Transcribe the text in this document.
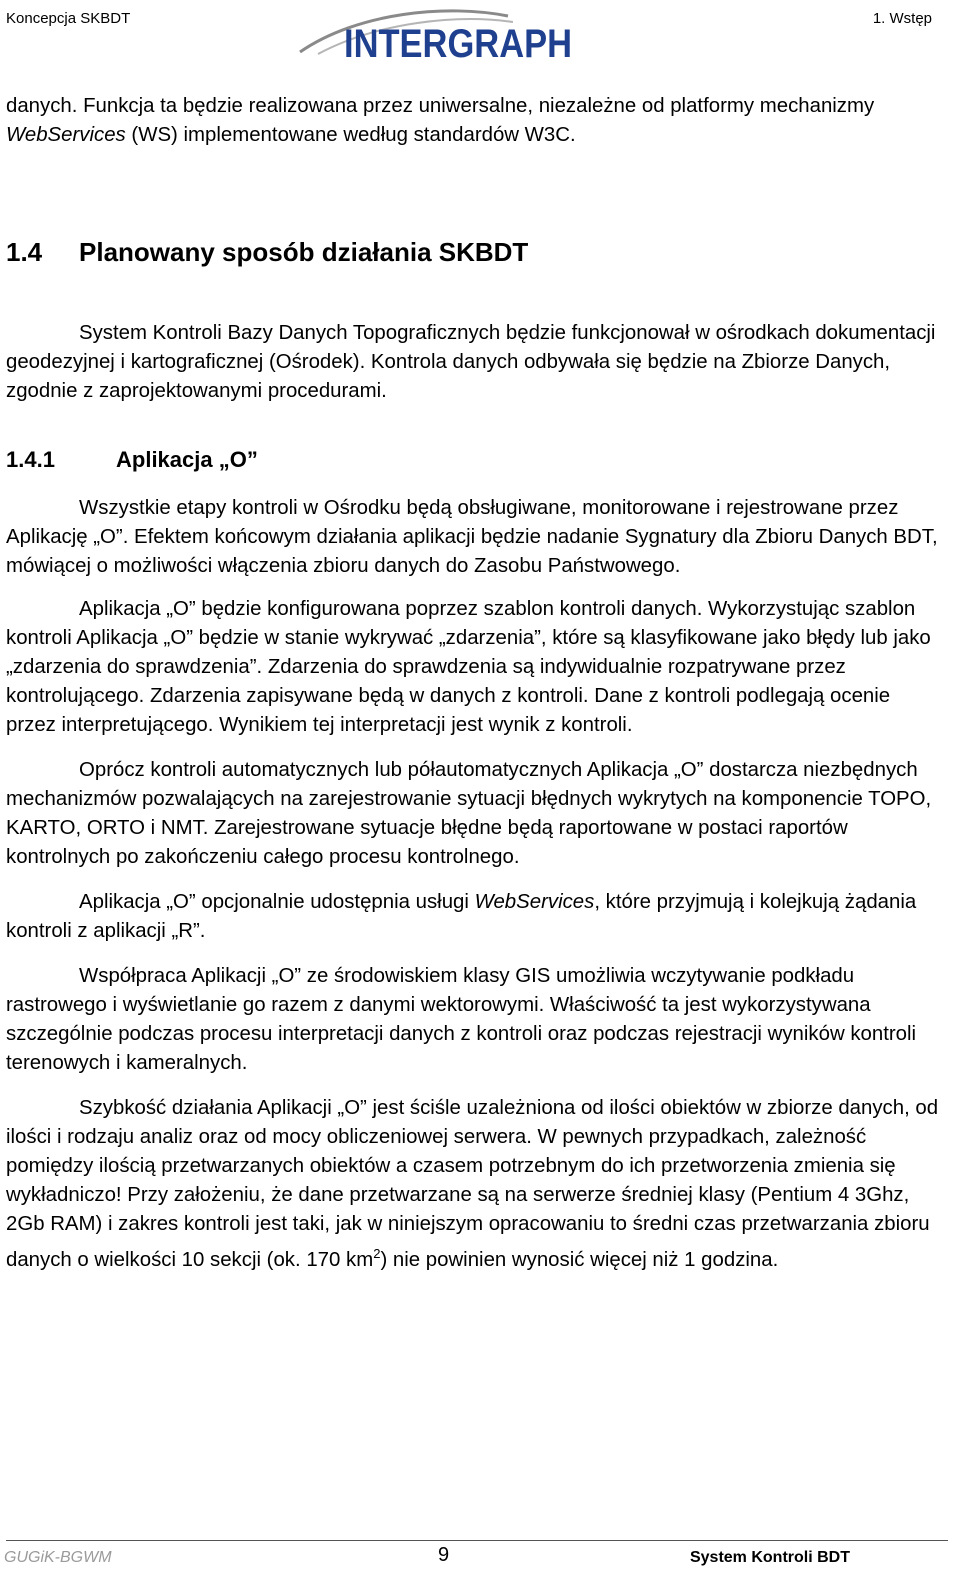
Koncepcja SKBDT
INTERGRAPH
1. Wstęp

danych. Funkcja ta będzie realizowana przez uniwersalne, niezależne od platformy mechanizmy WebServices (WS) implementowane według standardów W3C.

1.4 Planowany sposób działania SKBDT

System Kontroli Bazy Danych Topograficznych będzie funkcjonował w ośrodkach dokumentacji geodezyjnej i kartograficznej (Ośrodek). Kontrola danych odbywała się będzie na Zbiorze Danych, zgodnie z zaprojektowanymi procedurami.

1.4.1	Aplikacja „O”

Wszystkie etapy kontroli w Ośrodku będą obsługiwane, monitorowane i rejestrowane przez Aplikację „O”. Efektem końcowym działania aplikacji będzie nadanie Sygnatury dla Zbioru Danych BDT, mówiącej o możliwości włączenia zbioru danych do Zasobu Państwowego.

Aplikacja „O” będzie konfigurowana poprzez szablon kontroli danych. Wykorzystując szablon kontroli Aplikacja „O” będzie w stanie wykrywać „zdarzenia”, które są klasyfikowane jako błędy lub jako „zdarzenia do sprawdzenia”. Zdarzenia do sprawdzenia są indywidualnie rozpatrywane przez kontrolującego. Zdarzenia zapisywane będą w danych z kontroli. Dane z kontroli podlegają ocenie przez interpretującego. Wynikiem tej interpretacji jest wynik z kontroli.

Oprócz kontroli automatycznych lub półautomatycznych Aplikacja „O” dostarcza niezbędnych mechanizmów pozwalających na zarejestrowanie sytuacji błędnych wykrytych na komponencie TOPO, KARTO, ORTO i NMT. Zarejestrowane sytuacje błędne będą raportowane w postaci raportów kontrolnych po zakończeniu całego procesu kontrolnego.

Aplikacja „O” opcjonalnie udostępnia usługi WebServices, które przyjmują i kolejkują żądania kontroli z aplikacji „R”.

Współpraca Aplikacji „O” ze środowiskiem klasy GIS umożliwia wczytywanie podkładu rastrowego i wyświetlanie go razem z danymi wektorowymi. Właściwość ta jest wykorzystywana szczególnie podczas procesu interpretacji danych z kontroli oraz podczas rejestracji wyników kontroli terenowych i kameralnych.

Szybkość działania Aplikacji „O” jest ściśle uzależniona od ilości obiektów w zbiorze danych, od ilości i rodzaju analiz oraz od mocy obliczeniowej serwera. W pewnych przypadkach, zależność pomiędzy ilością przetwarzanych obiektów a czasem potrzebnym do ich przetworzenia zmienia się wykładniczo! Przy założeniu, że dane przetwarzane są na serwerze średniej klasy (Pentium 4 3Ghz, 2Gb RAM) i zakres kontroli jest taki, jak w niniejszym opracowaniu to średni czas przetwarzania zbioru danych o wielkości 10 sekcji (ok. 170 $km^2$) nie powinien wynosić więcej niż 1 godzina.

GUGiK-BGWM	9	System Kontroli BDT
